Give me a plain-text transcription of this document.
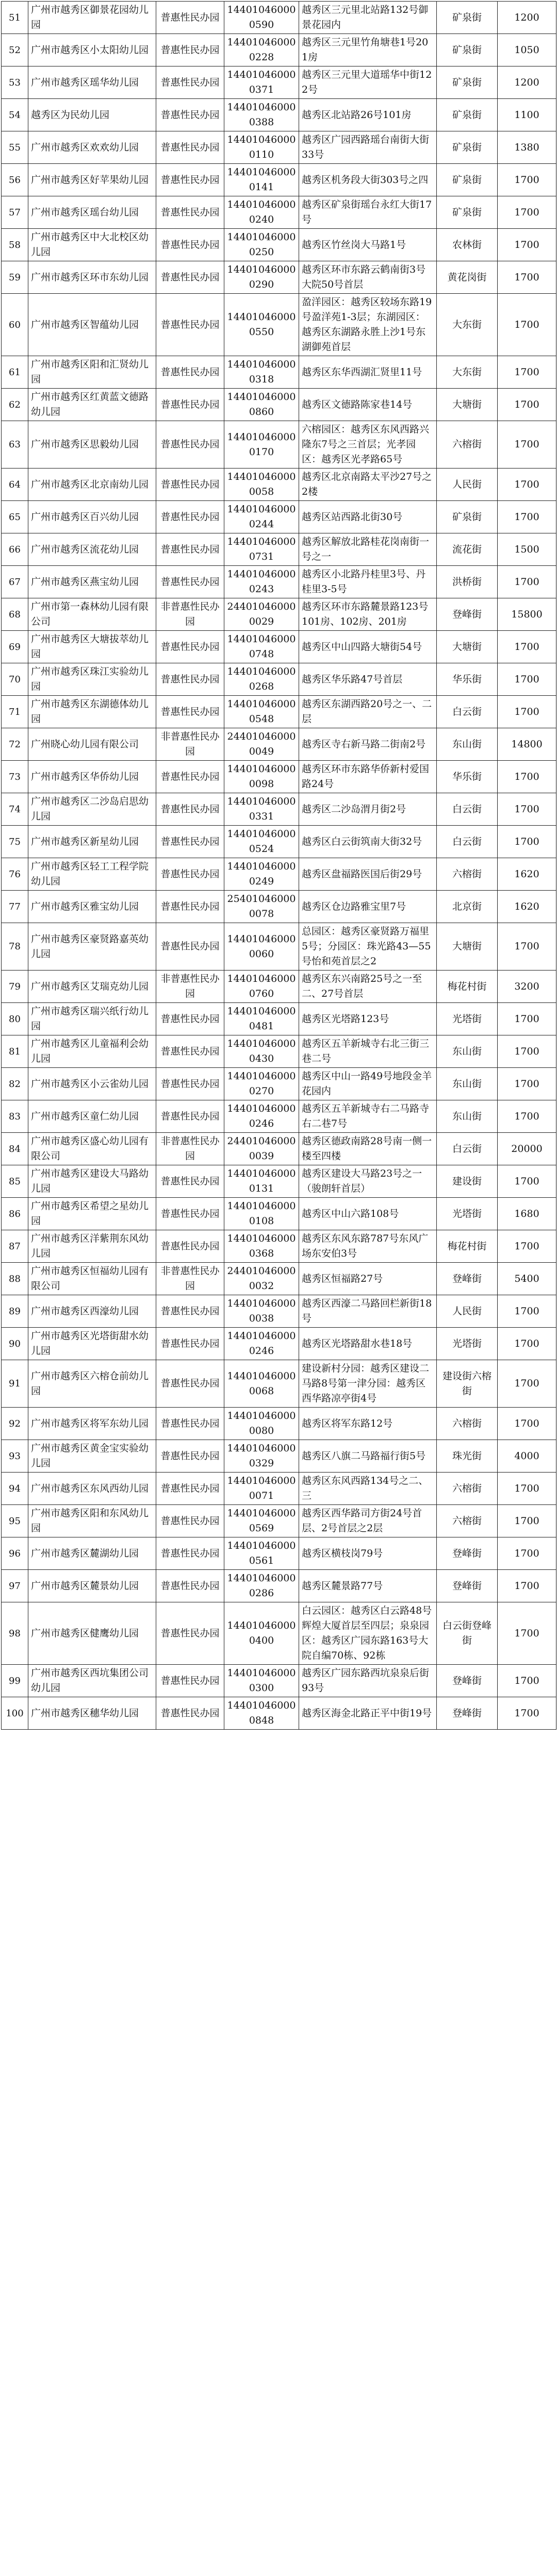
51	广州市越秀区御景花园幼儿园	普惠性民办园	144010460000590	越秀区三元里北站路132号御景花园内	矿泉街	1200
52	广州市越秀区小太阳幼儿园	普惠性民办园	144010460000228	越秀区三元里竹角塘巷1号201房	矿泉街	1050
53	广州市越秀区瑶华幼儿园	普惠性民办园	144010460000371	越秀区三元里大道瑶华中街122号	矿泉街	1200
54	越秀区为民幼儿园	普惠性民办园	144010460000388	越秀区北站路26号101房	矿泉街	1100
55	广州市越秀区欢欢幼儿园	普惠性民办园	144010460000110	越秀区广园西路瑶台南街大街33号	矿泉街	1380
56	广州市越秀区好苹果幼儿园	普惠性民办园	144010460000141	越秀区机务段大街303号之四	矿泉街	1700
57	广州市越秀区瑶台幼儿园	普惠性民办园	144010460000240	越秀区矿泉街瑶台永红大街17号	矿泉街	1700
58	广州市越秀区中大北校区幼儿园	普惠性民办园	144010460000250	越秀区竹丝岗大马路1号	农林街	1700
59	广州市越秀区环市东幼儿园	普惠性民办园	144010460000290	越秀区环市东路云鹤南街3号大院50号首层	黄花岗街	1700
60	广州市越秀区智蕴幼儿园	普惠性民办园	144010460000550	盈洋园区：越秀区较场东路19号盈洋苑1-3层；东湖园区：越秀区东湖路永胜上沙1号东湖御苑首层	大东街	1700
61	广州市越秀区阳和汇贤幼儿园	普惠性民办园	144010460000318	越秀区东华西湖汇贤里11号	大东街	1700
62	广州市越秀区红黄蓝文德路幼儿园	普惠性民办园	144010460000860	越秀区文德路陈家巷14号	大塘街	1700
63	广州市越秀区思毅幼儿园	普惠性民办园	144010460000170	六榕园区：越秀区东风西路兴隆东7号之三首层；光孝园区：越秀区光孝路65号	六榕街	1700
64	广州市越秀区北京南幼儿园	普惠性民办园	144010460000058	越秀区北京南路太平沙27号之2楼	人民街	1700
65	广州市越秀区百兴幼儿园	普惠性民办园	144010460000244	越秀区站西路北街30号	矿泉街	1700
66	广州市越秀区流花幼儿园	普惠性民办园	144010460000731	越秀区解放北路桂花岗南街一号之一	流花街	1500
67	广州市越秀区燕宝幼儿园	普惠性民办园	144010460000243	越秀区小北路丹桂里3号、丹桂里3-5号	洪桥街	1700
68	广州市第一森林幼儿园有限公司	非普惠性民办园	244010460000029	越秀区环市东路麓景路123号101房、102房、201房	登峰街	15800
69	广州市越秀区大塘拔萃幼儿园	普惠性民办园	144010460000748	越秀区中山四路大塘街54号	大塘街	1700
70	广州市越秀区珠江实验幼儿园	普惠性民办园	144010460000268	越秀区华乐路47号首层	华乐街	1700
71	广州市越秀区东湖德体幼儿园	普惠性民办园	144010460000548	越秀区东湖西路20号之一、二层	白云街	1700
72	广州晓心幼儿园有限公司	非普惠性民办园	244010460000049	越秀区寺右新马路二街南2号	东山街	14800
73	广州市越秀区华侨幼儿园	普惠性民办园	144010460000098	越秀区环市东路华侨新村爱国路24号	华乐街	1700
74	广州市越秀区二沙岛启思幼儿园	普惠性民办园	144010460000331	越秀区二沙岛渭月街2号	白云街	1700
75	广州市越秀区新星幼儿园	普惠性民办园	144010460000524	越秀区白云街筑南大街32号	白云街	1700
76	广州市越秀区轻工工程学院幼儿园	普惠性民办园	144010460000249	越秀区盘福路医国后街29号	六榕街	1620
77	广州市越秀区雅宝幼儿园	普惠性民办园	254010460000078	越秀区仓边路雅宝里7号	北京街	1620
78	广州市越秀区豪贤路嘉英幼儿园	普惠性民办园	144010460000060	总园区：越秀区豪贤路万福里5号；分园区：珠光路43—55号怡和苑首层之2	大塘街	1700
79	广州市越秀区艾瑞克幼儿园	非普惠性民办园	144010460000760	越秀区东兴南路25号之一至二、27号首层	梅花村街	3200
80	广州市越秀区瑞兴纸行幼儿园	普惠性民办园	144010460000481	越秀区光塔路123号	光塔街	1700
81	广州市越秀区儿童福利会幼儿园	普惠性民办园	144010460000430	越秀区五羊新城寺右北三街三巷二号	东山街	1700
82	广州市越秀区小云雀幼儿园	普惠性民办园	144010460000270	越秀区中山一路49号地段金羊花园内	东山街	1700
83	广州市越秀区童仁幼儿园	普惠性民办园	144010460000246	越秀区五羊新城寺右二马路寺右二巷7号	东山街	1700
84	广州市越秀区盛心幼儿园有限公司	非普惠性民办园	244010460000039	越秀区德政南路28号南一侧一楼至四楼	白云街	20000
85	广州市越秀区建设大马路幼儿园	普惠性民办园	144010460000131	越秀区建设大马路23号之一（骏朗轩首层）	建设街	1700
86	广州市越秀区希望之星幼儿园	普惠性民办园	144010460000108	越秀区中山六路108号	光塔街	1680
87	广州市越秀区洋紫荆东风幼儿园	普惠性民办园	144010460000368	越秀区东风东路787号东风广场东安伯3号	梅花村街	1700
88	广州市越秀区恒福幼儿园有限公司	非普惠性民办园	244010460000032	越秀区恒福路27号	登峰街	5400
89	广州市越秀区西濠幼儿园	普惠性民办园	144010460000038	越秀区西濠二马路回栏新街18号	人民街	1700
90	广州市越秀区光塔街甜水幼儿园	普惠性民办园	144010460000246	越秀区光塔路甜水巷18号	光塔街	1700
91	广州市越秀区六榕仓前幼儿园	普惠性民办园	144010460000068	建设新村分园：越秀区建设二马路8号第一津分园：越秀区西华路凉亭街4号	建设街六榕街	1700
92	广州市越秀区将军东幼儿园	普惠性民办园	144010460000080	越秀区将军东路12号	六榕街	1700
93	广州市越秀区黄金宝实验幼儿园	普惠性民办园	144010460000329	越秀区八旗二马路福行街5号	珠光街	4000
94	广州市越秀区东风西幼儿园	普惠性民办园	144010460000071	越秀区东风西路134号之二、三	六榕街	1700
95	广州市越秀区阳和东风幼儿园	普惠性民办园	144010460000569	越秀区西华路司方街24号首层、2号首层之2层	六榕街	1700
96	广州市越秀区麓湖幼儿园	普惠性民办园	144010460000561	越秀区横枝岗79号	登峰街	1700
97	广州市越秀区麓景幼儿园	普惠性民办园	144010460000286	越秀区麓景路77号	登峰街	1700
98	广州市越秀区健鹰幼儿园	普惠性民办园	144010460000400	白云园区：越秀区白云路48号辉煌大厦首层至四层；泉泉园区：越秀区广园东路163号大院自编70栋、92栋	白云街登峰街	1700
99	广州市越秀区西坑集团公司幼儿园	普惠性民办园	144010460000300	越秀区广园东路西坑泉泉后街93号	登峰街	1700
100	广州市越秀区穗华幼儿园	普惠性民办园	144010460000848	越秀区海金北路正平中街19号	登峰街	1700
